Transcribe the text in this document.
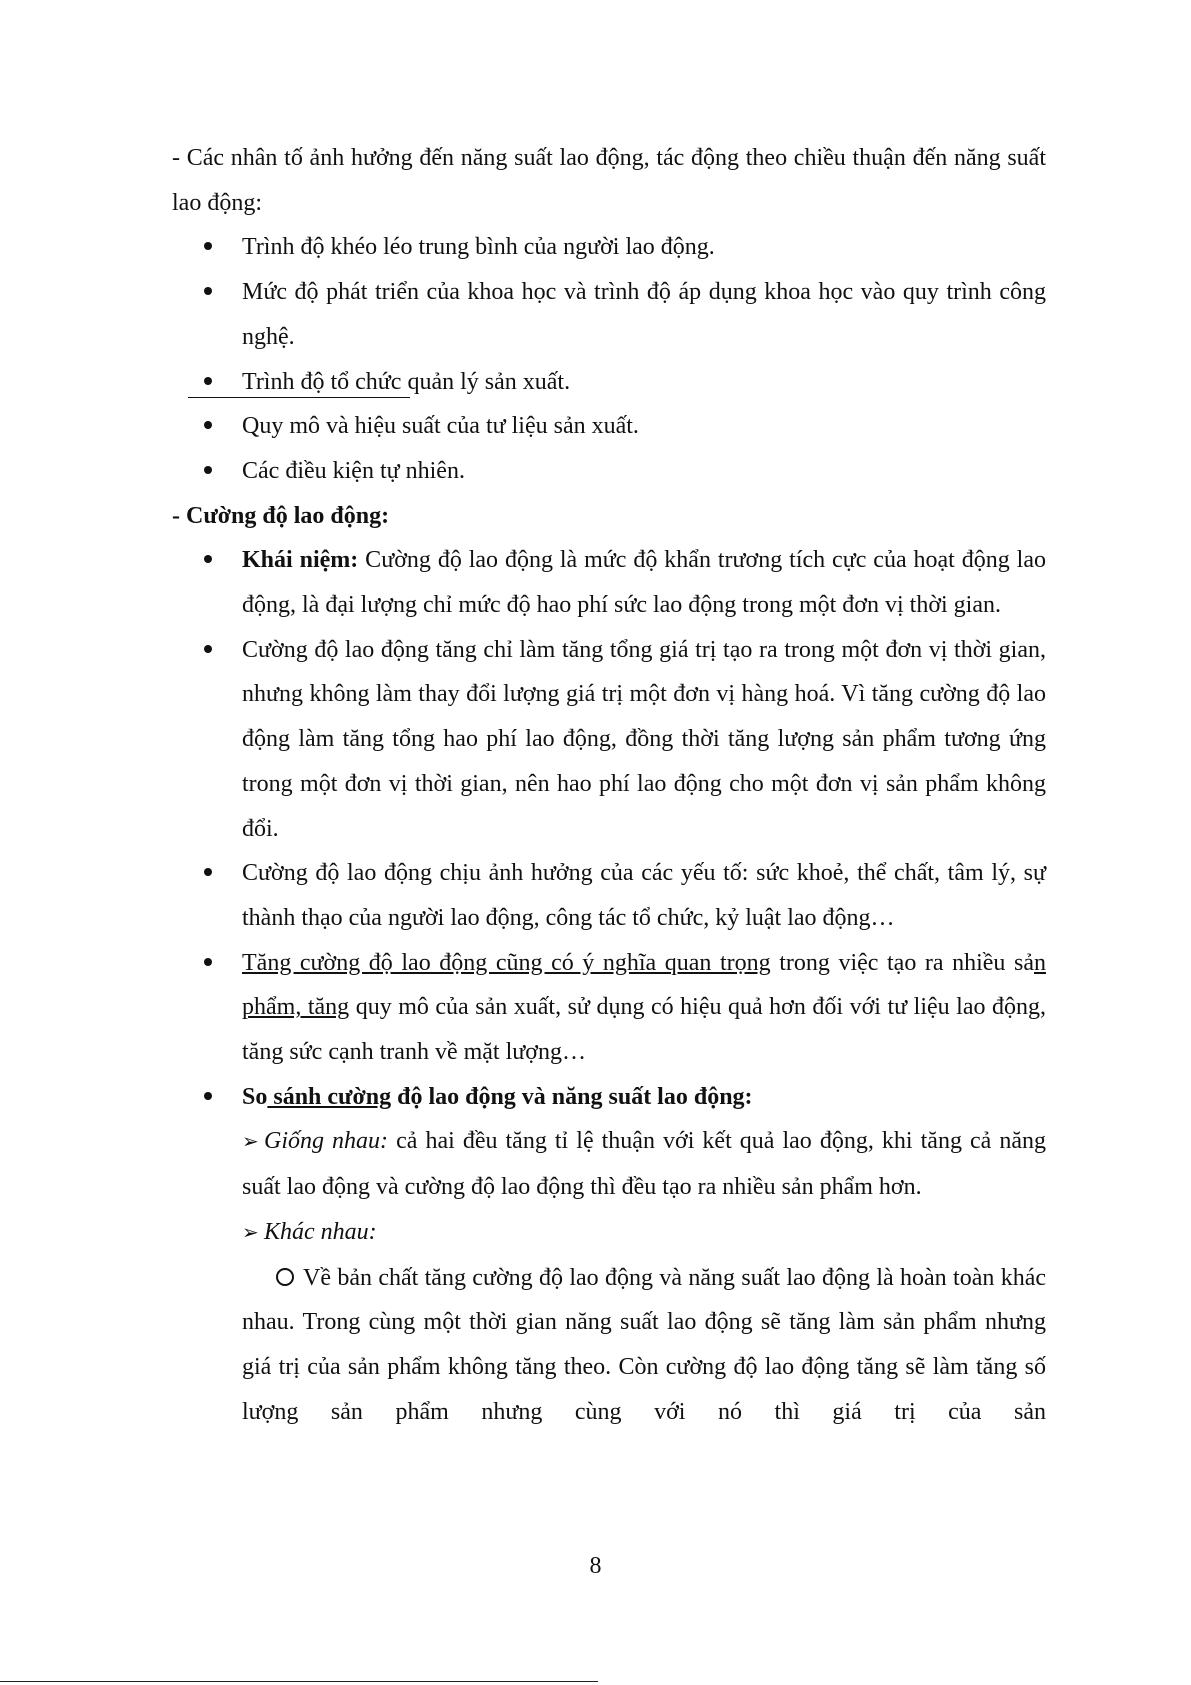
- Các nhân tố ảnh hưởng đến năng suất lao động, tác động theo chiều thuận đến năng suất lao động:

Trình độ khéo léo trung bình của người lao động.
Mức độ phát triển của khoa học và trình độ áp dụng khoa học vào quy trình công nghệ.
Trình độ tổ chức quản lý sản xuất.
Quy mô và hiệu suất của tư liệu sản xuất.
Các điều kiện tự nhiên.

- Cường độ lao động:

Khái niệm: Cường độ lao động là mức độ khẩn trương tích cực của hoạt động lao động, là đại lượng chỉ mức độ hao phí sức lao động trong một đơn vị thời gian.
Cường độ lao động tăng chỉ làm tăng tổng giá trị tạo ra trong một đơn vị thời gian, nhưng không làm thay đổi lượng giá trị một đơn vị hàng hoá. Vì tăng cường độ lao động làm tăng tổng hao phí lao động, đồng thời tăng lượng sản phẩm tương ứng trong một đơn vị thời gian, nên hao phí lao động cho một đơn vị sản phẩm không đổi.
Cường độ lao động chịu ảnh hưởng của các yếu tố: sức khoẻ, thể chất, tâm lý, sự thành thạo của người lao động, công tác tổ chức, kỷ luật lao động…
Tăng cường độ lao động cũng có ý nghĩa quan trọng trong việc tạo ra nhiều sản phẩm, tăng quy mô của sản xuất, sử dụng có hiệu quả hơn đối với tư liệu lao động, tăng sức cạnh tranh về mặt lượng…
So sánh cường độ lao động và năng suất lao động:

➢ Giống nhau: cả hai đều tăng tỉ lệ thuận với kết quả lao động, khi tăng cả năng suất lao động và cường độ lao động thì đều tạo ra nhiều sản phẩm hơn.

➢ Khác nhau:

Về bản chất tăng cường độ lao động và năng suất lao động là hoàn toàn khác nhau. Trong cùng một thời gian năng suất lao động sẽ tăng làm sản phẩm nhưng giá trị của sản phẩm không tăng theo. Còn cường độ lao động tăng sẽ làm tăng số lượng sản phẩm nhưng cùng với nó thì giá trị của sản

8
